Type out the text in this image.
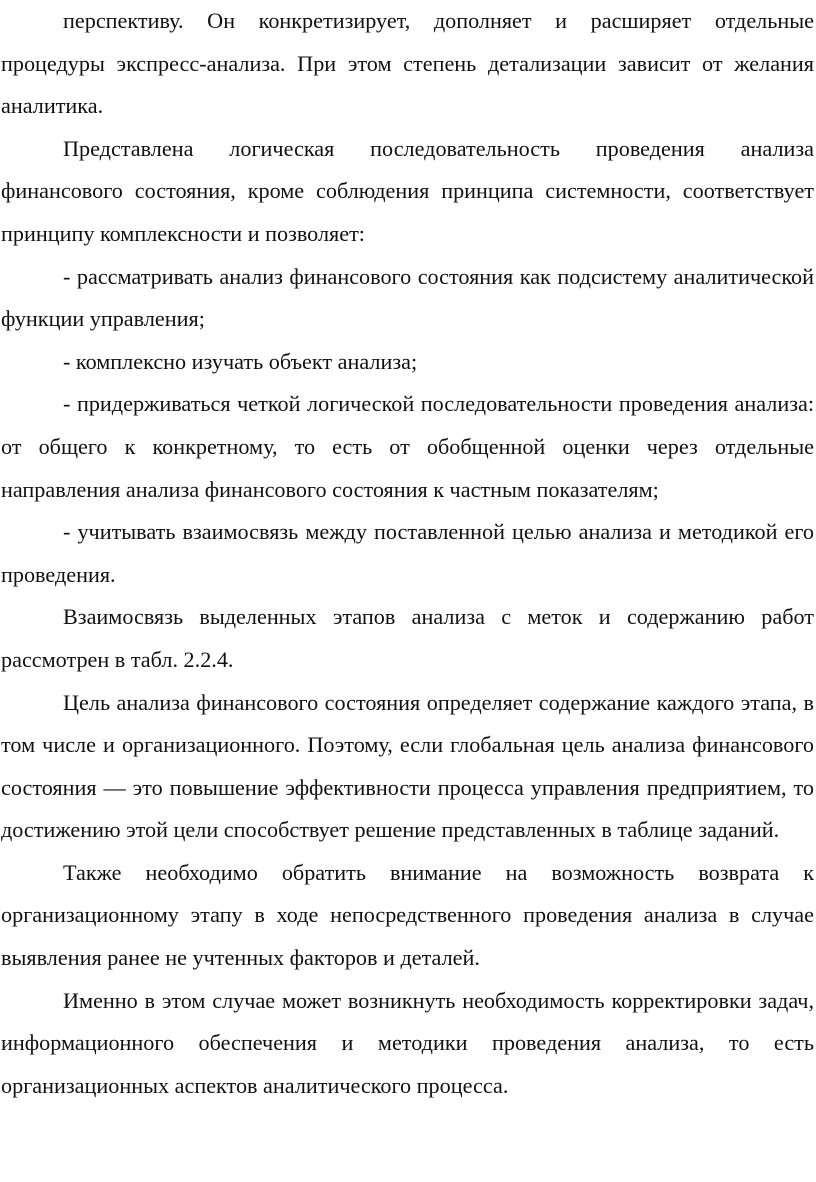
перспективу. Он конкретизирует, дополняет и расширяет отдельные процедуры экспресс-анализа. При этом степень детализации зависит от желания аналитика.

Представлена логическая последовательность проведения анализа финансового состояния, кроме соблюдения принципа системности, соответствует принципу комплексности и позволяет:

- рассматривать анализ финансового состояния как подсистему аналитической функции управления;

- комплексно изучать объект анализа;

- придерживаться четкой логической последовательности проведения анализа: от общего к конкретному, то есть от обобщенной оценки через отдельные направления анализа финансового состояния к частным показателям;

- учитывать взаимосвязь между поставленной целью анализа и методикой его проведения.

Взаимосвязь выделенных этапов анализа с меток и содержанию работ рассмотрен в табл. 2.2.4.

Цель анализа финансового состояния определяет содержание каждого этапа, в том числе и организационного. Поэтому, если глобальная цель анализа финансового состояния — это повышение эффективности процесса управления предприятием, то достижению этой цели способствует решение представленных в таблице заданий.

Также необходимо обратить внимание на возможность возврата к организационному этапу в ходе непосредственного проведения анализа в случае выявления ранее не учтенных факторов и деталей.

Именно в этом случае может возникнуть необходимость корректировки задач, информационного обеспечения и методики проведения анализа, то есть организационных аспектов аналитического процесса.
